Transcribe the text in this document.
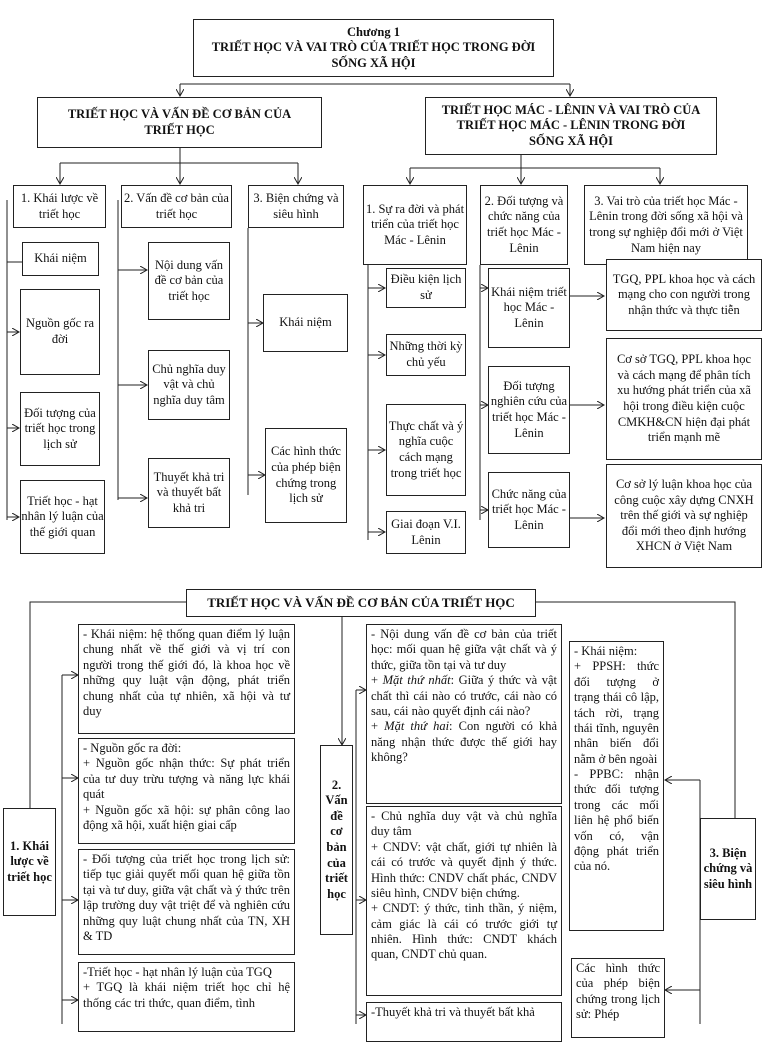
Chương 1
TRIẾT HỌC VÀ VAI TRÒ CỦA TRIẾT HỌC TRONG ĐỜI SỐNG XÃ HỘI
TRIẾT HỌC VÀ VẤN ĐỀ CƠ BẢN CỦA TRIẾT HỌC
TRIẾT HỌC MÁC - LÊNIN VÀ VAI TRÒ CỦA TRIẾT HỌC MÁC - LÊNIN TRONG ĐỜI SỐNG XÃ HỘI
1. Khái lược về triết học
2. Vấn đề cơ bản của triết học
3. Biện chứng và siêu hình	1. Sự ra đời và phát triển của triết học Mác - Lênin
2. Đối tượng và chức năng của triết học Mác - Lênin
3. Vai trò của triết học Mác - Lênin trong đời sống xã hội và trong sự nghiệp đổi mới ở Việt Nam hiện nay
Khái niệm
Nguồn gốc ra đời
Đối tượng của triết học trong lịch sử
Triết học - hạt nhân lý luận của thế giới quan
Nội dung vấn đề cơ bản của triết học
Chủ nghĩa duy vật và chủ nghĩa duy tâm
Thuyết khả tri và thuyết bất khả tri
Khái niệm
Các hình thức của phép biện chứng trong lịch sử
Điều kiện lịch sử
Những thời kỳ chủ yếu
Thực chất và ý nghĩa cuộc cách mạng trong triết học
Giai đoạn V.I. Lênin
Khái niệm triết học Mác - Lênin
Đối tượng nghiên cứu của triết học Mác - Lênin
Chức năng của triết học Mác - Lênin
TGQ, PPL khoa học và cách mạng cho con người trong nhận thức và thực tiễn
Cơ sở TGQ, PPL khoa học và cách mạng để phân tích xu hướng phát triển của xã hội trong điều kiện cuộc CMKH&CN hiện đại phát triển mạnh mẽ
Cơ sở lý luận khoa học của công cuộc xây dựng CNXH trên thế giới và sự nghiệp đổi mới theo định hướng XHCN ở Việt Nam
TRIẾT HỌC VÀ VẤN ĐỀ CƠ BẢN CỦA TRIẾT HỌC
1. Khái lược về triết học
2. Vấn đề cơ bản của triết học
3. Biện chứng và siêu hình
- Khái niệm: hệ thống quan điểm lý luận chung nhất về thế giới và vị trí con người trong thế giới đó, là khoa học về những quy luật vận động, phát triển chung nhất của tự nhiên, xã hội và tư duy
- Nguồn gốc ra đời:
+ Nguồn gốc nhận thức: Sự phát triển của tư duy trừu tượng và năng lực khái quát
+ Nguồn gốc xã hội: sự phân công lao động xã hội, xuất hiện giai cấp
- Đối tượng của triết học trong lịch sử: tiếp tục giải quyết mối quan hệ giữa tồn tại và tư duy, giữa vật chất và ý thức trên lập trường duy vật triệt để và nghiên cứu những quy luật chung nhất của TN, XH & TD
-Triết học - hạt nhân lý luận của TGQ
+ TGQ là khái niệm triết học chỉ hệ thống các tri thức, quan điểm, tình
- Nội dung vấn đề cơ bản của triết học: mối quan hệ giữa vật chất và ý thức, giữa tồn tại và tư duy
+ Mặt thứ nhất: Giữa ý thức và vật chất thì cái nào có trước, cái nào có sau, cái nào quyết định cái nào?
+ Mặt thứ hai: Con người có khả năng nhận thức được thế giới hay không?
- Chủ nghĩa duy vật và chủ nghĩa duy tâm
+ CNDV: vật chất, giới tự nhiên là cái có trước và quyết định ý thức. Hình thức: CNDV chất phác, CNDV siêu hình, CNDV biện chứng.
+ CNDT: ý thức, tinh thần, ý niệm, cảm giác là cái có trước giới tự nhiên. Hình thức: CNDT khách quan, CNDT chủ quan.
-Thuyết khả tri và thuyết bất khả
- Khái niệm:
+ PPSH: thức đối tượng ở trạng thái cô lập, tách rời, trạng thái tĩnh, nguyên nhân biến đổi nằm ở bên ngoài
- PPBC: nhận thức đối tượng trong các mối liên hệ phổ biến vốn có, vận động phát triển của nó.
Các hình thức của phép biện chứng trong lịch sử: Phép
